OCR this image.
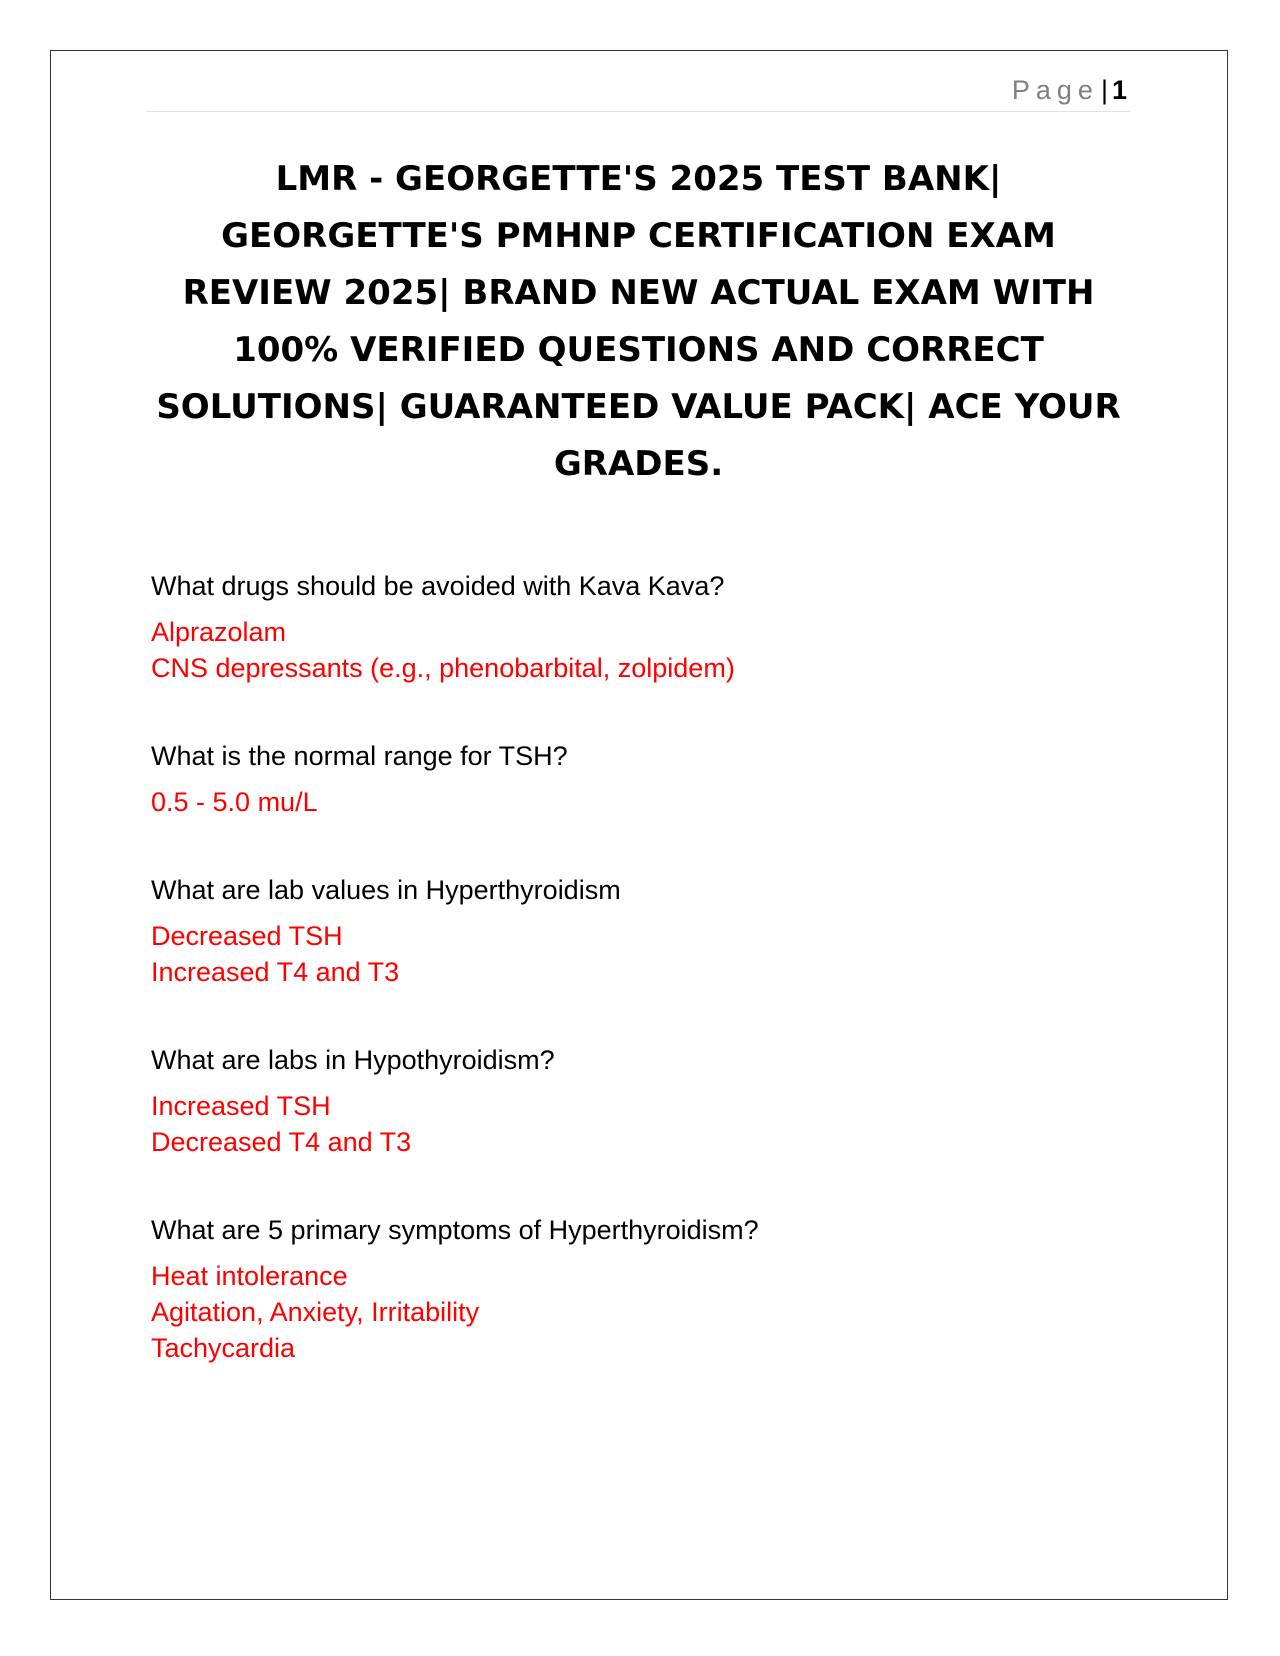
Page| 1
LMR - GEORGETTE'S 2025 TEST BANK| GEORGETTE'S PMHNP CERTIFICATION EXAM REVIEW 2025| BRAND NEW ACTUAL EXAM WITH 100% VERIFIED QUESTIONS AND CORRECT SOLUTIONS| GUARANTEED VALUE PACK| ACE YOUR GRADES.

What drugs should be avoided with Kava Kava?

Alprazolam

CNS depressants (e.g., phenobarbital, zolpidem)

What is the normal range for TSH?

0.5 - 5.0 mu/L

What are lab values in Hyperthyroidism

Decreased TSH

Increased T4 and T3

What are labs in Hypothyroidism?

Increased TSH

Decreased T4 and T3

What are 5 primary symptoms of Hyperthyroidism?

Heat intolerance

Agitation, Anxiety, Irritability

Tachycardia
